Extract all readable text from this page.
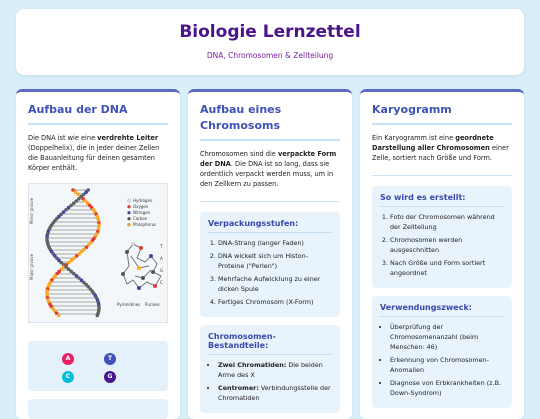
Biologie Lernzettel
DNA, Chromosomen & Zellteilung
Aufbau der DNA

Die DNA ist wie eine verdrehte Leiter (Doppelhelix), die in jeder deiner Zellen die Bauanleitung für deinen gesamten Körper enthält.

Minor groove
Major groove
Hydrogen
Oxygen
Nitrogen
Carbon
Phosphorus
T
A
G
C
Pyrimidines Purines
A	T
C	G
Aufbau eines Chromosoms

Chromosomen sind die verpackte Form der DNA. Die DNA ist so lang, dass sie ordentlich verpackt werden muss, um in den Zellkern zu passen.

Verpackungsstufen:
1. DNA-Strang (langer Faden)
2. DNA wickelt sich um Histon-Proteine ("Perlen")
3. Mehrfache Aufwicklung zu einer dicken Spule
4. Fertiges Chromosom (X-Form)
Chromosomen-Bestandteile:
• Zwei Chromatiden: Die beiden Arme des X
• Centromer: Verbindungsstelle der Chromatiden
Karyogramm

Ein Karyogramm ist eine geordnete Darstellung aller Chromosomen einer Zelle, sortiert nach Größe und Form.

So wird es erstellt:
1. Foto der Chromosomen während der Zellteilung
2. Chromosomen werden ausgeschnitten
3. Nach Größe und Form sortiert angeordnet
Verwendungszweck:
• Überprüfung der Chromosomenanzahl (beim Menschen: 46)
• Erkennung von Chromosomen-Anomalien
• Diagnose von Erbkrankheiten (z.B. Down-Syndrom)
